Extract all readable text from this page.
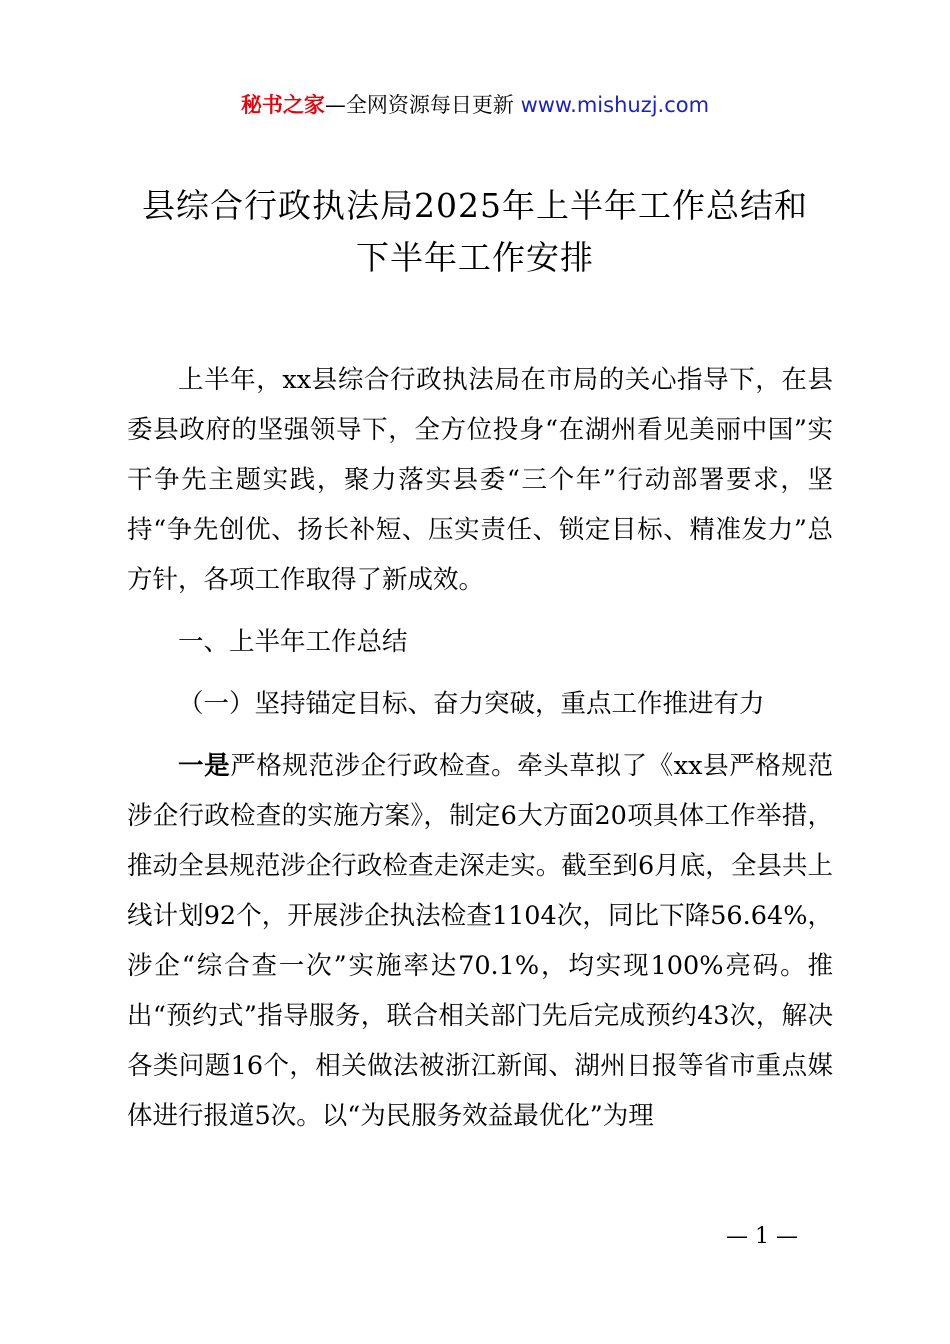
秘书之家—全网资源每日更新 www.mishuzj.com
县综合行政执法局2025年上半年工作总结和
下半年工作安排

上半年，xx县综合行政执法局在市局的关心指导下，在县委县政府的坚强领导下，全方位投身“在湖州看见美丽中国”实干争先主题实践，聚力落实县委“三个年”行动部署要求，坚持“争先创优、扬长补短、压实责任、锁定目标、精准发力”总方针，各项工作取得了新成效。

一、上半年工作总结

（一）坚持锚定目标、奋力突破，重点工作推进有力

一是严格规范涉企行政检查。牵头草拟了《xx县严格规范涉企行政检查的实施方案》，制定6大方面20项具体工作举措，推动全县规范涉企行政检查走深走实。截至到6月底，全县共上线计划92个，开展涉企执法检查1104次，同比下降56.64%，涉企“综合查一次”实施率达70.1%，均实现100%亮码。推出“预约式”指导服务，联合相关部门先后完成预约43次，解决各类问题16个，相关做法被浙江新闻、湖州日报等省市重点媒体进行报道5次。以“为民服务效益最优化”为理

— 1 —
